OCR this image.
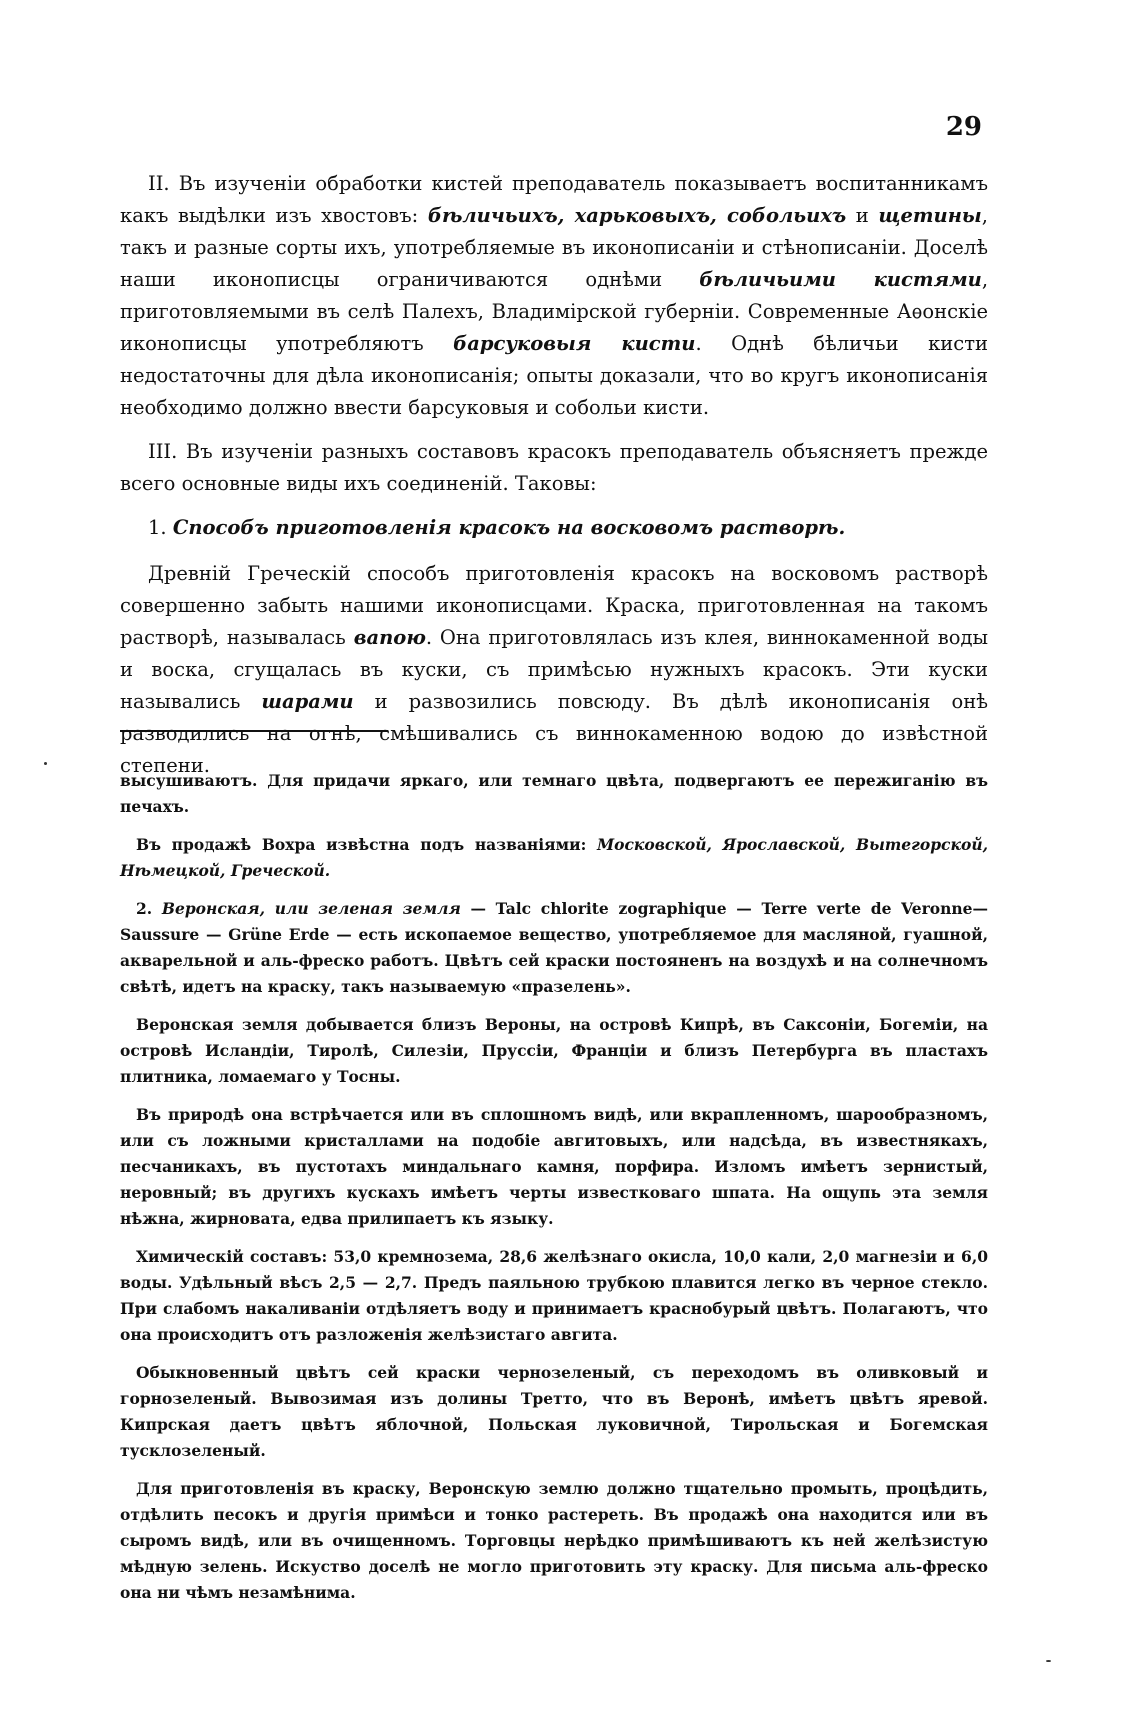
29

II. Въ изученіи обработки кистей преподаватель показываетъ воспитанникамъ какъ выдѣлки изъ хвостовъ: бѣличьихъ, харьковыхъ, собольихъ и щетины, такъ и разные сорты ихъ, употребляемые въ иконописаніи и стѣнописаніи. Доселѣ наши иконописцы ограничиваются однѣми бѣличьими кистями, приготовляемыми въ селѣ Палехъ, Владимірской губерніи. Современные Аѳонскіе иконописцы употребляютъ барсуковыя кисти. Однѣ бѣличьи кисти недостаточны для дѣла иконописанія; опыты доказали, что во кругъ иконописанія необходимо должно ввести барсуковыя и собольи кисти.

III. Въ изученіи разныхъ составовъ красокъ преподаватель объясняетъ прежде всего основные виды ихъ соединеній. Таковы:

1. Способъ приготовленія красокъ на восковомъ растворѣ.

Древній Греческій способъ приготовленія красокъ на восковомъ растворѣ совершенно забыть нашими иконописцами. Краска, приготовленная на такомъ растворѣ, называлась вапою. Она приготовлялась изъ клея, виннокаменной воды и воска, сгущалась въ куски, съ примѣсью нужныхъ красокъ. Эти куски назывались шарами и развозились повсюду. Въ дѣлѣ иконописанія онѣ разводились на огнѣ, смѣшивались съ виннокаменною водою до извѣстной степени.

высушиваютъ. Для придачи яркаго, или темнаго цвѣта, подвергаютъ ее пережиганію въ печахъ.

Въ продажѣ Вохра извѣстна подъ названіями: Московской, Ярославской, Вытегорской, Нѣмецкой, Греческой.

2. Веронская, или зеленая земля — Talc chlorite zographique — Terre verte de Veronne— Saussure — Grüne Erde — есть ископаемое вещество, употребляемое для масляной, гуашной, акварельной и аль-фреско работъ. Цвѣтъ сей краски постояненъ на воздухѣ и на солнечномъ свѣтѣ, идетъ на краску, такъ называемую «празелень».

Веронская земля добывается близъ Вероны, на островѣ Кипрѣ, въ Саксоніи, Богеміи, на островѣ Исландіи, Тиролѣ, Силезіи, Пруссіи, Франціи и близъ Петербурга въ пластахъ плитника, ломаемаго у Тосны.

Въ природѣ она встрѣчается или въ сплошномъ видѣ, или вкрапленномъ, шарообразномъ, или съ ложными кристаллами на подобіе авгитовыхъ, или надсѣда, въ известнякахъ, песчаникахъ, въ пустотахъ миндальнаго камня, порфира. Изломъ имѣетъ зернистый, неровный; въ другихъ кускахъ имѣетъ черты известковаго шпата. На ощупь эта земля нѣжна, жирновата, едва прилипаетъ къ языку.

Химическій составъ: 53,0 кремнозема, 28,6 желѣзнаго окисла, 10,0 кали, 2,0 магнезіи и 6,0 воды. Удѣльный вѣсъ 2,5 — 2,7. Предъ паяльною трубкою плавится легко въ черное стекло. При слабомъ накаливаніи отдѣляетъ воду и принимаетъ краснобурый цвѣтъ. Полагаютъ, что она происходитъ отъ разложенія желѣзистаго авгита.

Обыкновенный цвѣтъ сей краски чернозеленый, съ переходомъ въ оливковый и горнозеленый. Вывозимая изъ долины Третто, что въ Веронѣ, имѣетъ цвѣтъ яревой. Кипрская даетъ цвѣтъ яблочной, Польская луковичной, Тирольская и Богемская тусклозеленый.

Для приготовленія въ краску, Веронскую землю должно тщательно промыть, процѣдить, отдѣлить песокъ и другія примѣси и тонко растереть. Въ продажѣ она находится или въ сыромъ видѣ, или въ очищенномъ. Торговцы нерѣдко примѣшиваютъ къ ней желѣзистую мѣдную зелень. Искуство доселѣ не могло приготовить эту краску. Для письма аль-фреско она ни чѣмъ незамѣнима.
